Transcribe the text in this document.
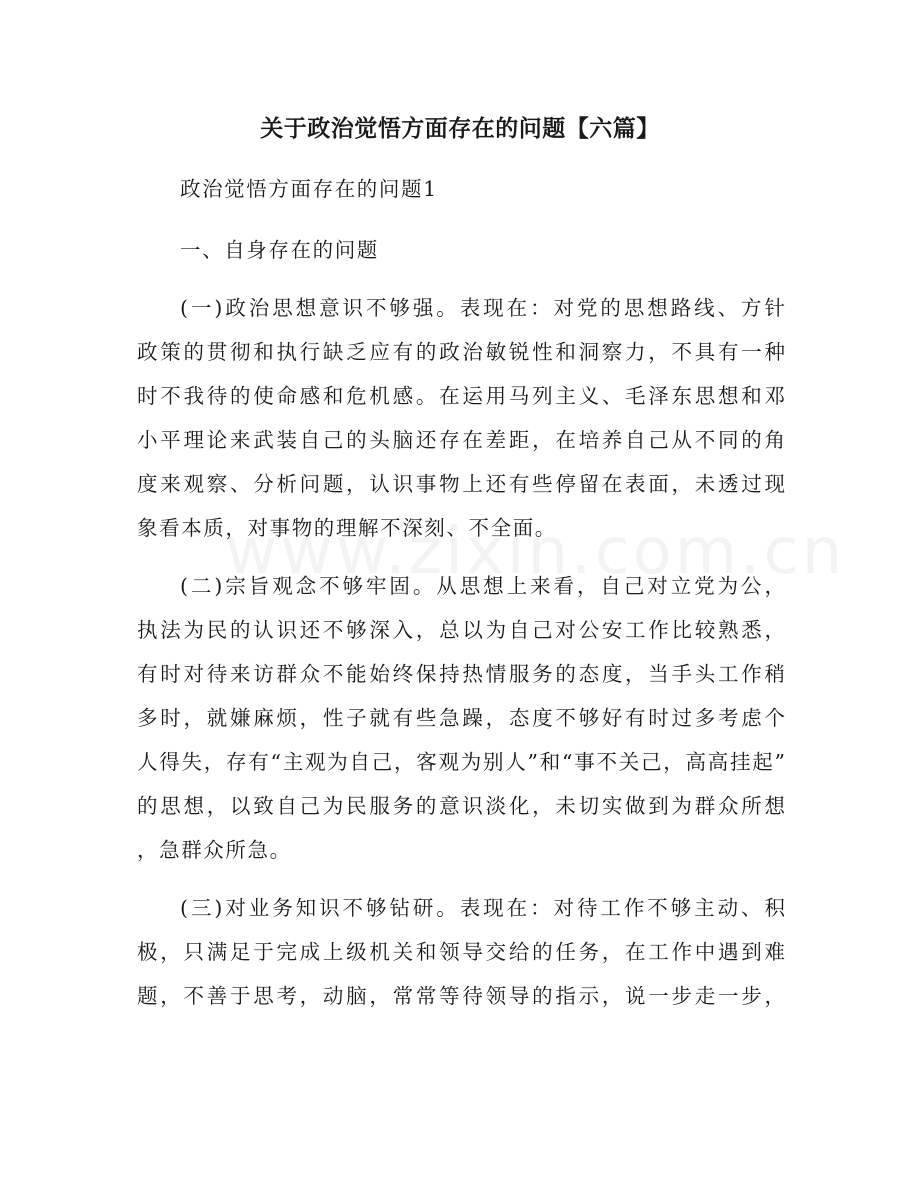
关于政治觉悟方面存在的问题【六篇】
政治觉悟方面存在的问题1
一、自身存在的问题
(一)政治思想意识不够强。表现在：对党的思想路线、方针
政策的贯彻和执行缺乏应有的政治敏锐性和洞察力，不具有一种
时不我待的使命感和危机感。在运用马列主义、毛泽东思想和邓
小平理论来武装自己的头脑还存在差距，在培养自己从不同的角
度来观察、分析问题，认识事物上还有些停留在表面，未透过现
象看本质，对事物的理解不深刻、不全面。
(二)宗旨观念不够牢固。从思想上来看，自己对立党为公，
执法为民的认识还不够深入，总以为自己对公安工作比较熟悉，
有时对待来访群众不能始终保持热情服务的态度，当手头工作稍
多时，就嫌麻烦，性子就有些急躁，态度不够好有时过多考虑个
人得失，存有“主观为自己，客观为别人”和“事不关己，高高挂起”
的思想，以致自己为民服务的意识淡化，未切实做到为群众所想
，急群众所急。
(三)对业务知识不够钻研。表现在：对待工作不够主动、积
极，只满足于完成上级机关和领导交给的任务，在工作中遇到难
题，不善于思考，动脑，常常等待领导的指示，说一步走一步，
